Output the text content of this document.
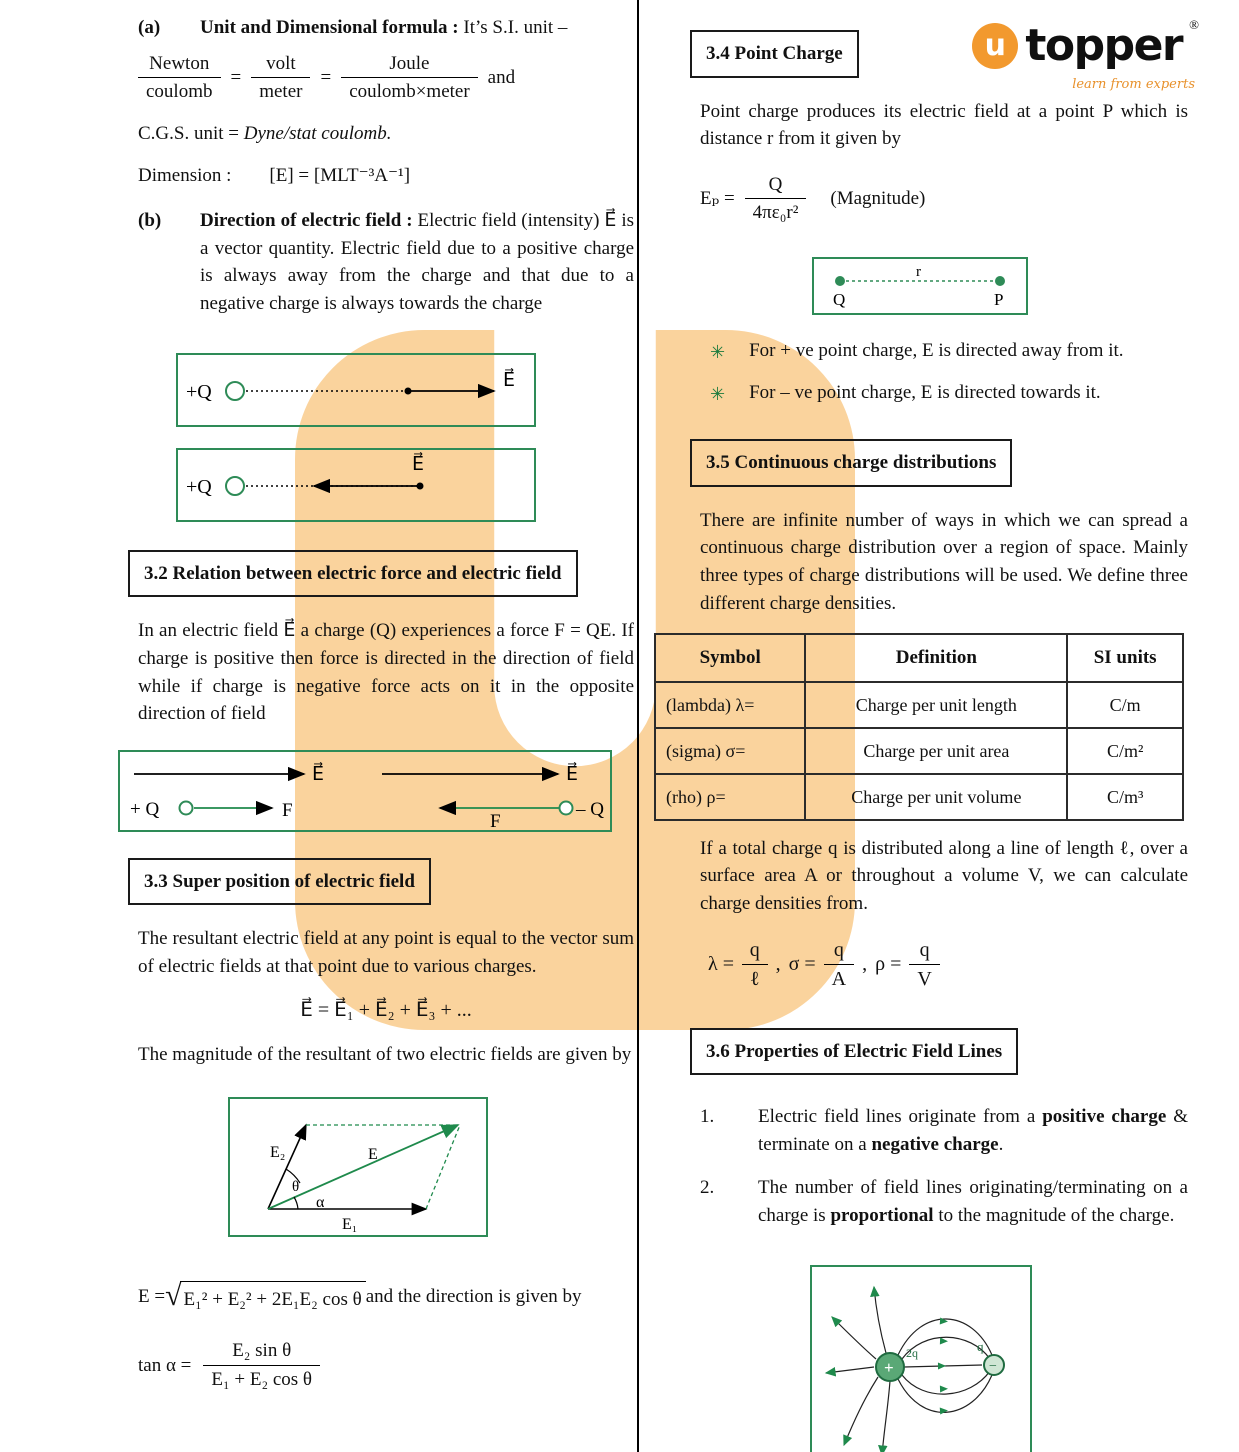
u topper ®
learn from experts
(a)	Unit and Dimensional formula : It’s S.I. unit –
$\frac{\text{Newton}}{\text{coulomb}} = \frac{\text{volt}}{\text{meter}} = \frac{\text{Joule}}{\text{coulomb×meter}}$ and
C.G.S. unit = Dyne/stat coulomb.
Dimension : [E] = [MLT⁻³A⁻¹]
(b)	Direction of electric field : Electric field (intensity) E⃗ is a vector quantity. Electric field due to a positive charge is always away from the charge and that due to a negative charge is always towards the charge
+Q
E⃗

+Q
E⃗
3.2 Relation between electric force and electric field

In an electric field E⃗ a charge (Q) experiences a force F = QE. If charge is positive then force is directed in the direction of field while if charge is negative force acts on it in the opposite direction of field

E⃗
+ Q	F
E⃗
– Q
F
3.3 Super position of electric field

The resultant electric field at any point is equal to the vector sum of electric fields at that point due to various charges.

E⃗ = E⃗₁ + E⃗₂ + E⃗₃ + ...

The magnitude of the resultant of two electric fields are given by

E₂
θ
α
E
E₁
E = √ E₁² + E₂² + 2E₁E₂ cos θ and the direction is given by
$\tan \alpha = \frac{\text{E₂ sin θ}}{\text{E₁ + E₂ cos θ}}$
3.4 Point Charge

Point charge produces its electric field at a point P which is distance r from it given by

$E_p = \frac{Q}{\text{4πε₀r²}}$ (Magnitude)
Q
r
P
✳ For + ve point charge, E is directed away from it.
✳ For – ve point charge, E is directed towards it.
3.5 Continuous charge distributions

There are infinite number of ways in which we can spread a continuous charge distribution over a region of space. Mainly three types of charge distributions will be used. We define three different charge densities.

Symbol	Definition	SI units
(lambda) λ=	Charge per unit length	C/m
(sigma) σ=	Charge per unit area	C/m²
(rho) ρ=	Charge per unit volume	C/m³

If a total charge q is distributed along a line of length ℓ, over a surface area A or throughout a volume V, we can calculate charge densities from.

$\lambda = \frac{q}{\text{ℓ}}$ , $\sigma = \frac{q}{A}$ , $\rho = \frac{q}{V}$
3.6 Properties of Electric Field Lines
1.	Electric field lines originate from a positive charge & terminate on a negative charge.
2.	The number of field lines originating/terminating on a charge is proportional to the magnitude of the charge.
+
2q
−
q
